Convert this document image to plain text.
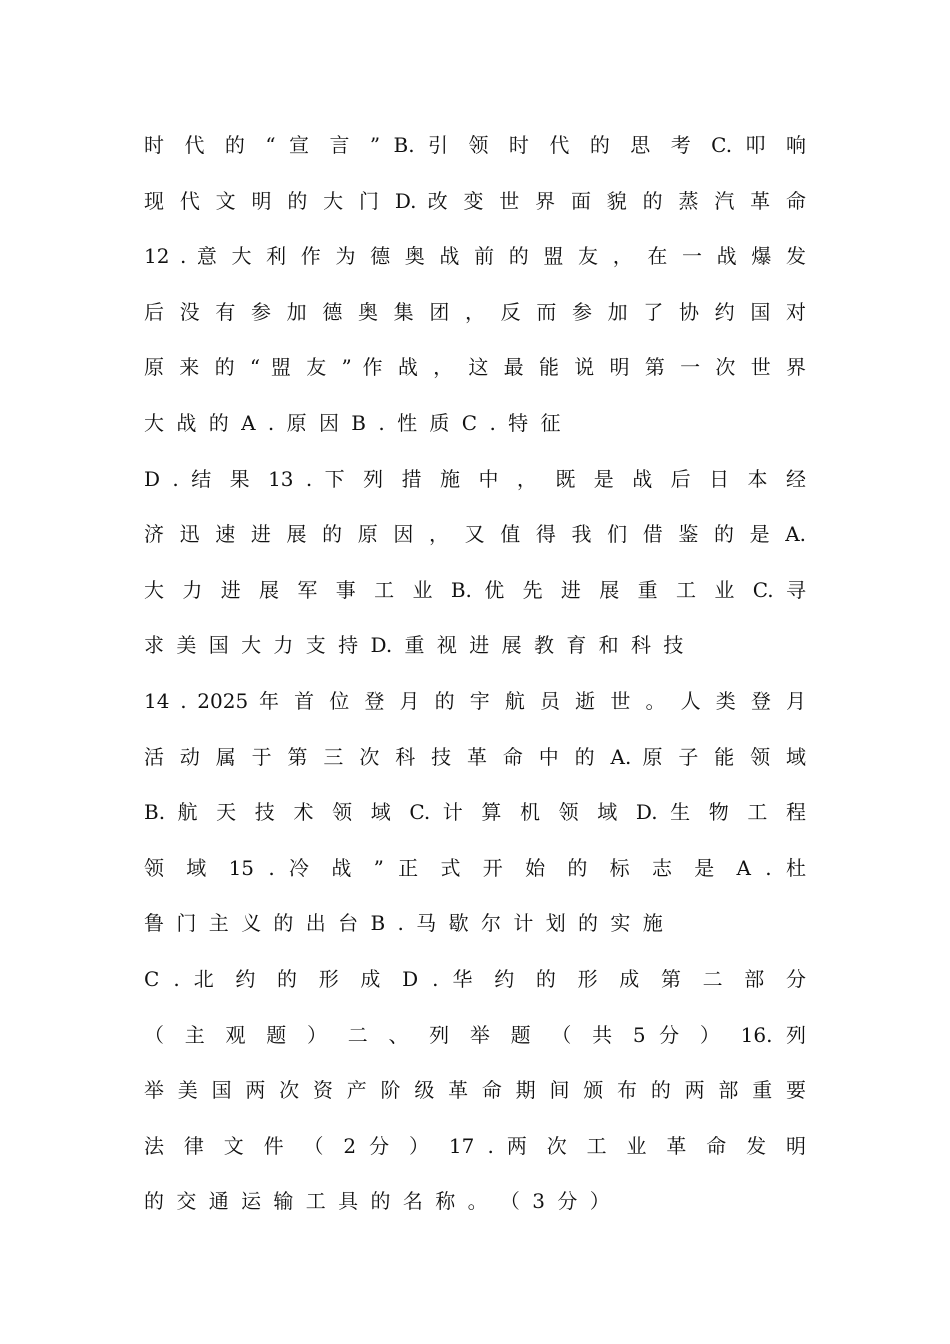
时 代 的 “ 宣 言 ” B. 引 领 时 代 的 思 考 C. 叩 响
现 代 文 明 的 大 门 D. 改 变 世 界 面 貌 的 蒸 汽 革 命
12 . 意 大 利 作 为 德 奥 战 前 的 盟 友 ， 在 一 战 爆 发
后 没 有 参 加 德 奥 集 团 ， 反 而 参 加 了 协 约 国 对
原 来 的 “ 盟 友 ” 作 战 ， 这 最 能 说 明 第 一 次 世 界
大 战 的 A . 原 因 B . 性 质 C . 特 征
D . 结 果 13 . 下 列 措 施 中 ， 既 是 战 后 日 本 经
济 迅 速 进 展 的 原 因 ， 又 值 得 我 们 借 鉴 的 是 A.
大 力 进 展 军 事 工 业 B. 优 先 进 展 重 工 业 C. 寻
求 美 国 大 力 支 持 D. 重 视 进 展 教 育 和 科 技
14 . 2025 年 首 位 登 月 的 宇 航 员 逝 世 。 人 类 登 月
活 动 属 于 第 三 次 科 技 革 命 中 的 A. 原 子 能 领 域
B. 航 天 技 术 领 域 C. 计 算 机 领 域 D. 生 物 工 程
领 域 15 . 冷 战 ” 正 式 开 始 的 标 志 是 A . 杜
鲁 门 主 义 的 出 台 B . 马 歇 尔 计 划 的 实 施
C . 北 约 的 形 成 D . 华 约 的 形 成 第 二 部 分
（ 主 观 题 ） 二 、 列 举 题 （ 共 5 分 ） 16. 列
举 美 国 两 次 资 产 阶 级 革 命 期 间 颁 布 的 两 部 重 要
法 律 文 件 （ 2 分 ） 17 . 两 次 工 业 革 命 发 明
的 交 通 运 输 工 具 的 名 称 。 （ 3 分 ）
